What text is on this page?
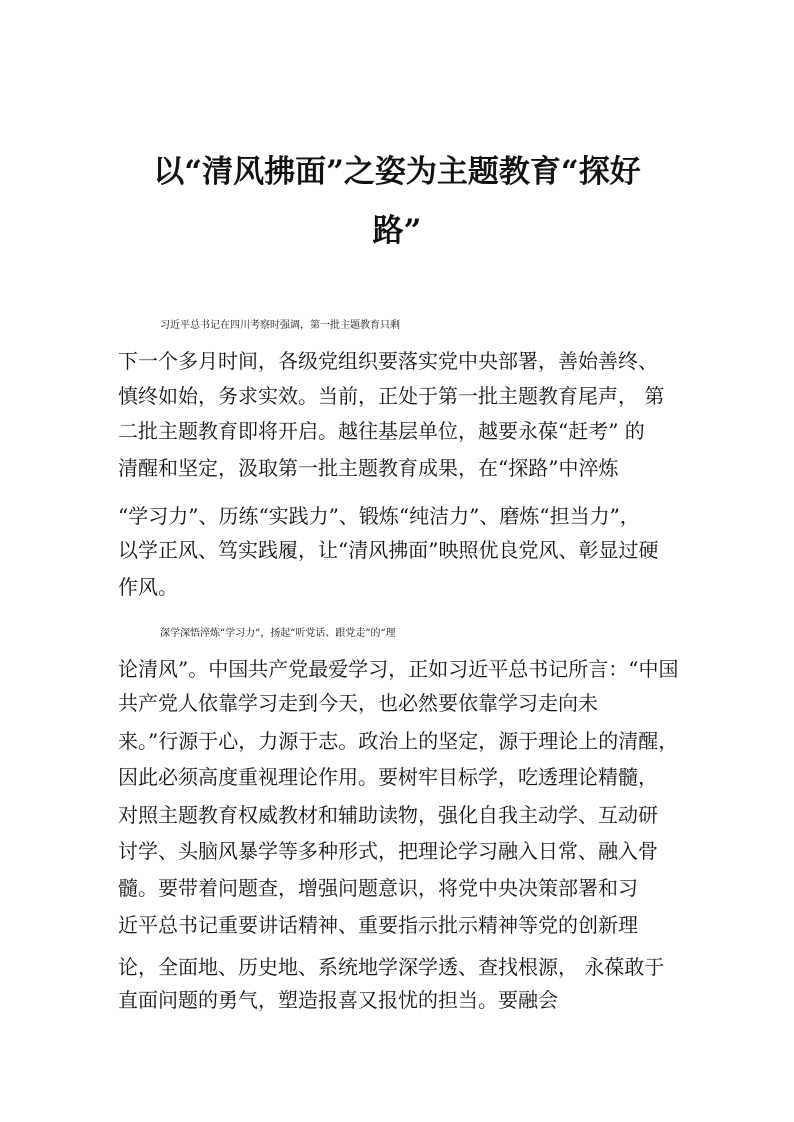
以“清风拂面”之姿为主题教育“探好
路”
习近平总书记在四川考察时强调，第一批主题教育只剩
下一个多月时间，各级党组织要落实党中央部署，善始善终、
慎终如始，务求实效。当前，正处于第一批主题教育尾声， 第
二批主题教育即将开启。越往基层单位，越要永葆“赶考” 的
清醒和坚定，汲取第一批主题教育成果，在“探路”中淬炼
“学习力”、历练“实践力”、锻炼“纯洁力”、磨炼“担当力”，
以学正风、笃实践履，让“清风拂面”映照优良党风、彰显过硬
作风。
深学深悟淬炼“学习力”，扬起“听党话、跟党走”的“理
论清风”。中国共产党最爱学习，正如习近平总书记所言：“中国
共产党人依靠学习走到今天，也必然要依靠学习走向未
来。”行源于心，力源于志。政治上的坚定，源于理论上的清醒，
因此必须高度重视理论作用。要树牢目标学，吃透理论精髓，
对照主题教育权威教材和辅助读物，强化自我主动学、互动研
讨学、头脑风暴学等多种形式，把理论学习融入日常、融入骨
髓。要带着问题查，增强问题意识，将党中央决策部署和习
近平总书记重要讲话精神、重要指示批示精神等党的创新理
论，全面地、历史地、系统地学深学透、查找根源， 永葆敢于
直面问题的勇气，塑造报喜又报忧的担当。要融会
